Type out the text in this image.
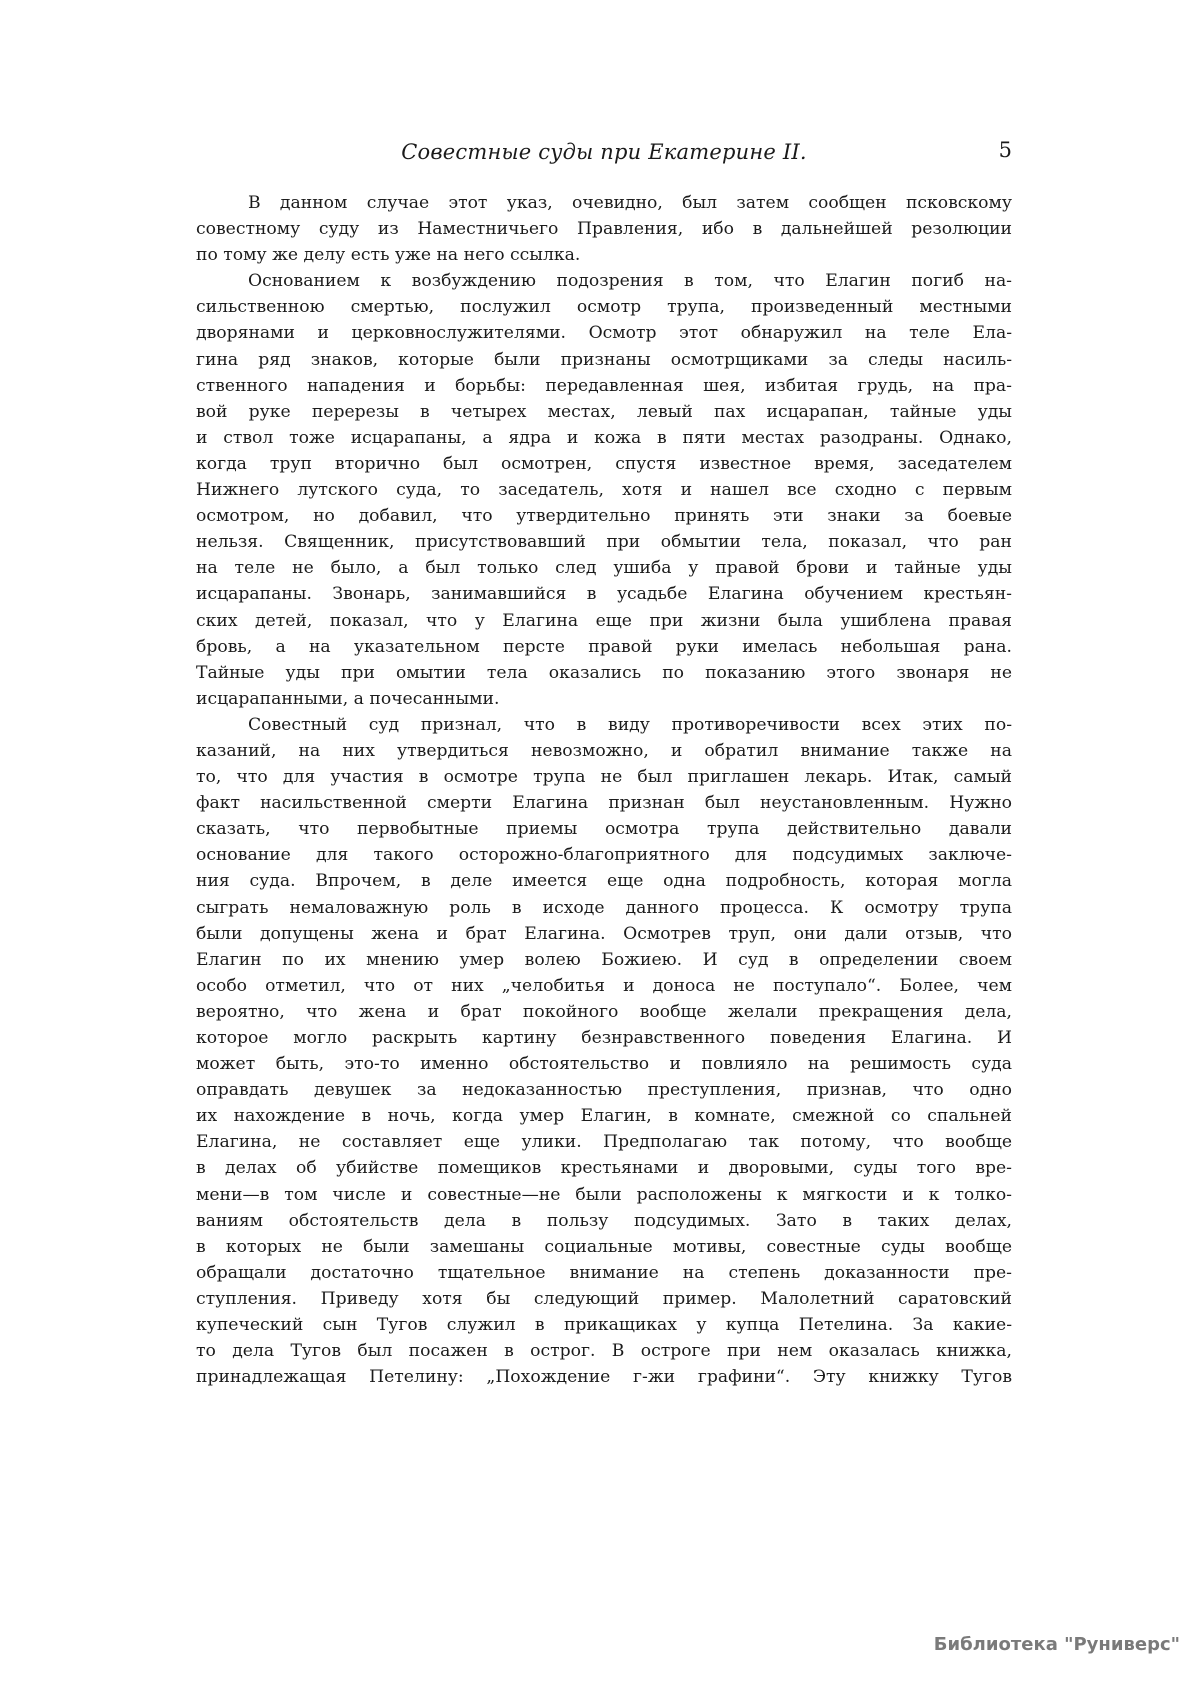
Совестные суды при Екатерине II.	5
В данном случае этот указ, очевидно, был затем сообщен псковскому
совестному суду из Наместничьего Правления, ибо в дальнейшей резолюции
по тому же делу есть уже на него ссылка.
Основанием к возбуждению подозрения в том, что Елагин погиб на-
сильственною смертью, послужил осмотр трупа, произведенный местными
дворянами и церковнослужителями. Осмотр этот обнаружил на теле Ела-
гина ряд знаков, которые были признаны осмотрщиками за следы насиль-
ственного нападения и борьбы: передавленная шея, избитая грудь, на пра-
вой руке перерезы в четырех местах, левый пах исцарапан, тайные уды
и ствол тоже исцарапаны, а ядра и кожа в пяти местах разодраны. Однако,
когда труп вторично был осмотрен, спустя известное время, заседателем
Нижнего лутского суда, то заседатель, хотя и нашел все сходно с первым
осмотром, но добавил, что утвердительно принять эти знаки за боевые
нельзя. Священник, присутствовавший при обмытии тела, показал, что ран
на теле не было, а был только след ушиба у правой брови и тайные уды
исцарапаны. Звонарь, занимавшийся в усадьбе Елагина обучением крестьян-
ских детей, показал, что у Елагина еще при жизни была ушиблена правая
бровь, а на указательном персте правой руки имелась небольшая рана.
Тайные уды при омытии тела оказались по показанию этого звонаря не
исцарапанными, а почесанными.
Совестный суд признал, что в виду противоречивости всех этих по-
казаний, на них утвердиться невозможно, и обратил внимание также на
то, что для участия в осмотре трупа не был приглашен лекарь. Итак, самый
факт насильственной смерти Елагина признан был неустановленным. Нужно
сказать, что первобытные приемы осмотра трупа действительно давали
основание для такого осторожно-благоприятного для подсудимых заключе-
ния суда. Впрочем, в деле имеется еще одна подробность, которая могла
сыграть немаловажную роль в исходе данного процесса. К осмотру трупа
были допущены жена и брат Елагина. Осмотрев труп, они дали отзыв, что
Елагин по их мнению умер волею Божиею. И суд в определении своем
особо отметил, что от них „челобитья и доноса не поступало“. Более, чем
вероятно, что жена и брат покойного вообще желали прекращения дела,
которое могло раскрыть картину безнравственного поведения Елагина. И
может быть, это-то именно обстоятельство и повлияло на решимость суда
оправдать девушек за недоказанностью преступления, признав, что одно
их нахождение в ночь, когда умер Елагин, в комнате, смежной со спальней
Елагина, не составляет еще улики. Предполагаю так потому, что вообще
в делах об убийстве помещиков крестьянами и дворовыми, суды того вре-
мени—в том числе и совестные—не были расположены к мягкости и к толко-
ваниям обстоятельств дела в пользу подсудимых. Зато в таких делах,
в которых не были замешаны социальные мотивы, совестные суды вообще
обращали достаточно тщательное внимание на степень доказанности пре-
ступления. Приведу хотя бы следующий пример. Малолетний саратовский
купеческий сын Тугов служил в прикащиках у купца Петелина. За какие-
то дела Тугов был посажен в острог. В остроге при нем оказалась книжка,
принадлежащая Петелину: „Похождение г-жи графини“. Эту книжку Тугов
Библиотека "Руниверс"
